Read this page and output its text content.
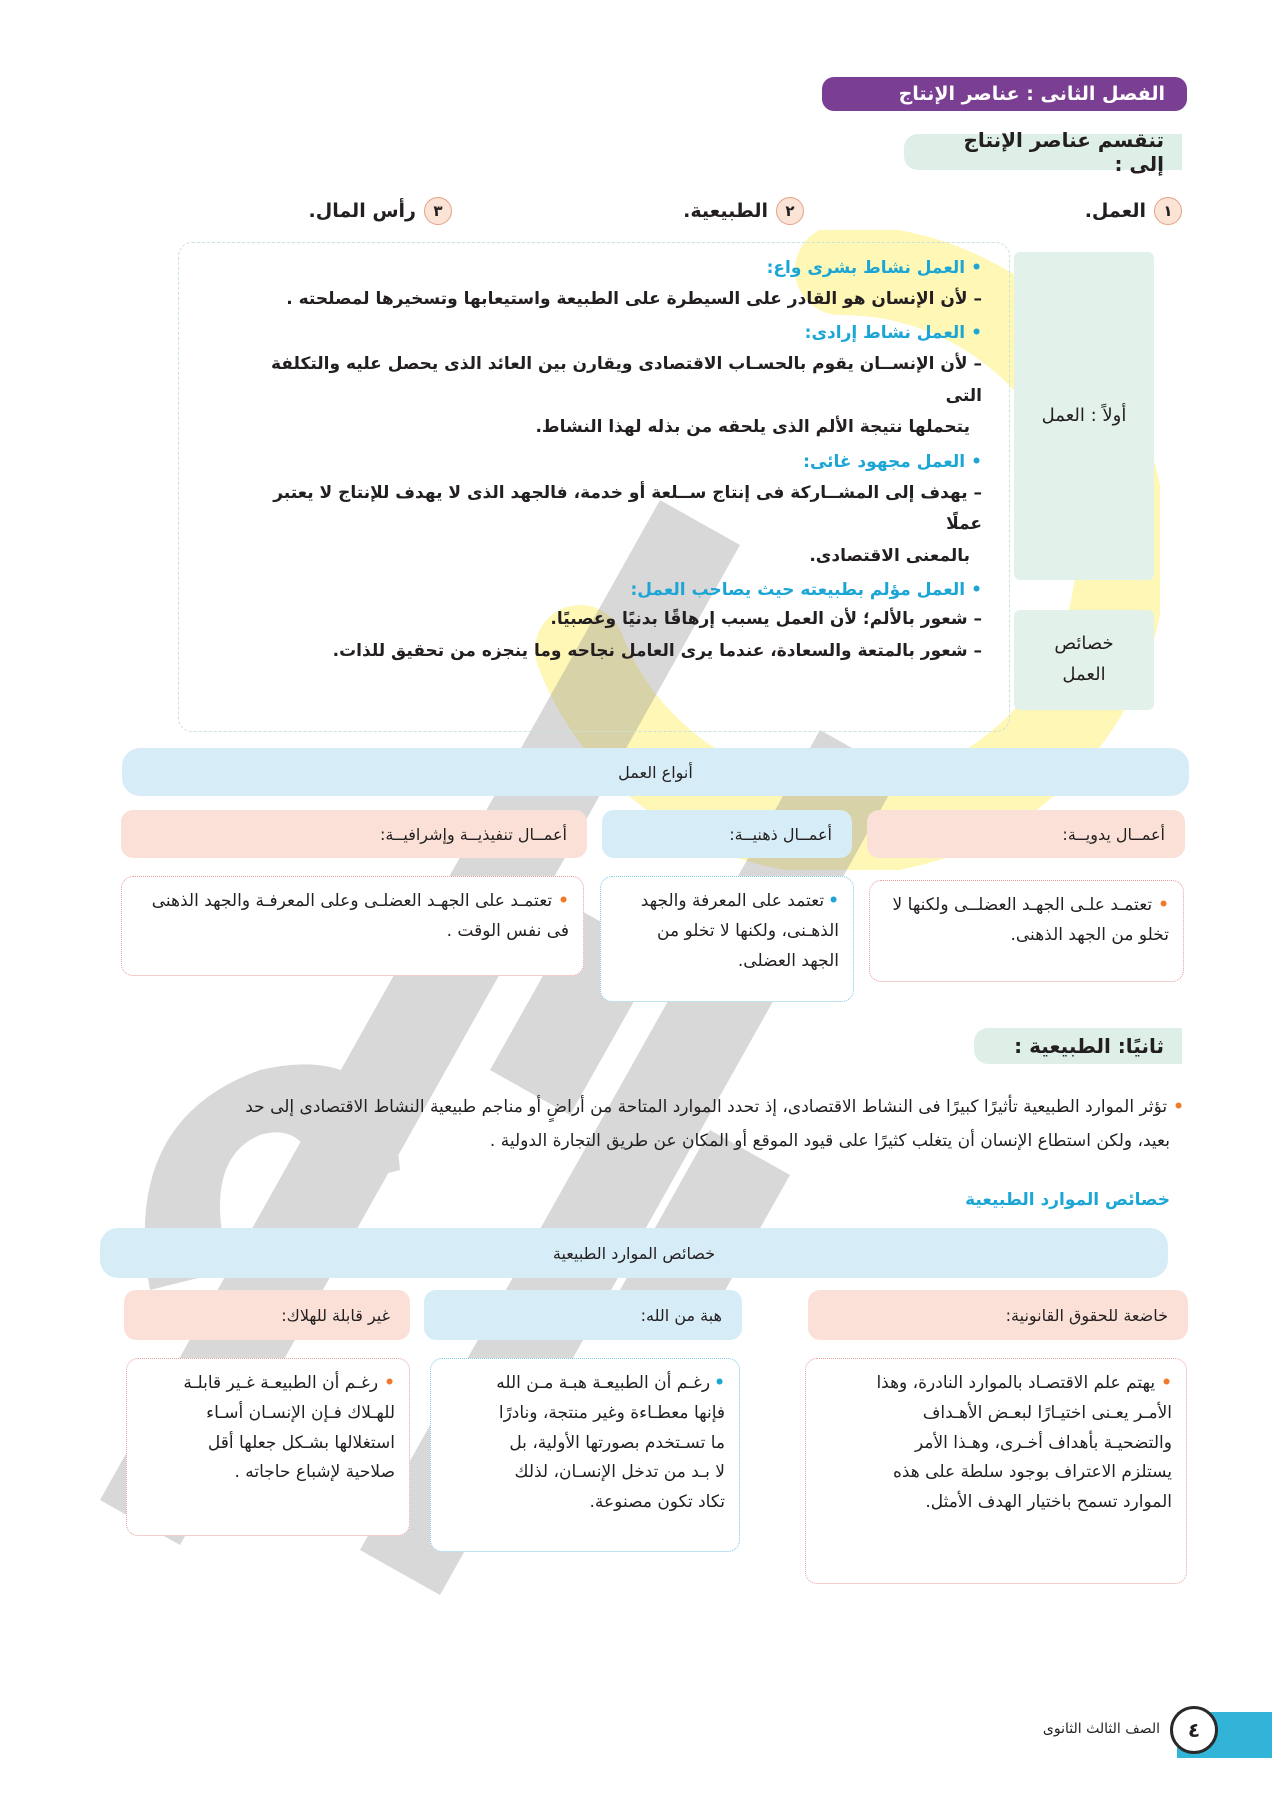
الفصل الثانى : عناصر الإنتاج
تنقسم عناصر الإنتاج إلى :
١
العمل.
٢
الطبيعية.
٣
رأس المال.
أولاً : العمل
خصائص العمل
• العمل نشاط بشرى واع:
– لأن الإنسان هو القادر على السيطرة على الطبيعة واستيعابها وتسخيرها لمصلحته .
• العمل نشاط إرادى:
– لأن الإنســان يقوم بالحسـاب الاقتصادى ويقارن بين العائد الذى يحصل عليه والتكلفة التى
يتحملها نتيجة الألم الذى يلحقه من بذله لهذا النشاط.
• العمل مجهود غائى:
– يهدف إلى المشــاركة فى إنتاج ســلعة أو خدمة، فالجهد الذى لا يهدف للإنتاج لا يعتبر عملًا
بالمعنى الاقتصادى.
• العمل مؤلم بطبيعته حيث يصاحب العمل:
– شعور بالألم؛ لأن العمل يسبب إرهاقًا بدنيًا وعصبيًا.
– شعور بالمتعة والسعادة، عندما يرى العامل نجاحه وما ينجزه من تحقيق للذات.
أنواع العمل
أعمــال يدويــة:
أعمــال ذهنيــة:
أعمــال تنفيذيــة وإشرافيــة:
•تعتمـد علـى الجهـد العضلــى ولكنها لا تخلو من الجهد الذهنى.
•تعتمد على المعرفة والجهد الذهـنى، ولكنها لا تخلو من الجهد العضلى.
•تعتمـد على الجهـد العضلـى وعلى المعرفـة والجهد الذهنى فى نفس الوقت .
ثانيًا: الطبيعية :
•تؤثر الموارد الطبيعية تأثيرًا كبيرًا فى النشاط الاقتصادى، إذ تحدد الموارد المتاحة من أراضٍ أو مناجم طبيعية النشاط الاقتصادى إلى حد
بعيد، ولكن استطاع الإنسان أن يتغلب كثيرًا على قيود الموقع أو المكان عن طريق التجارة الدولية .
خصائص الموارد الطبيعية
خصائص الموارد الطبيعية
خاضعة للحقوق القانونية:
هبة من الله:
غير قابلة للهلاك:
•يهتم علم الاقتصـاد بالموارد النادرة، وهذا
الأمـر يعـنى اختيـارًا لبعـض الأهـداف
والتضحيـة بأهداف أخـرى، وهـذا الأمر
يستلزم الاعتراف بوجود سلطة على هذه
الموارد تسمح باختيار الهدف الأمثل.
•رغـم أن الطبيعـة هبـة مـن الله
فإنها معطـاءة وغير منتجة، ونادرًا
ما تسـتخدم بصورتها الأولية، بل
لا بـد من تدخل الإنسـان، لذلك
تكاد تكون مصنوعة.
•رغـم أن الطبيعـة غـير قابلـة
للهـلاك فـإن الإنسـان أسـاء
استغلالها بشـكل جعلها أقل
صلاحية لإشباع حاجاته .
٤
الصف الثالث الثانوى
